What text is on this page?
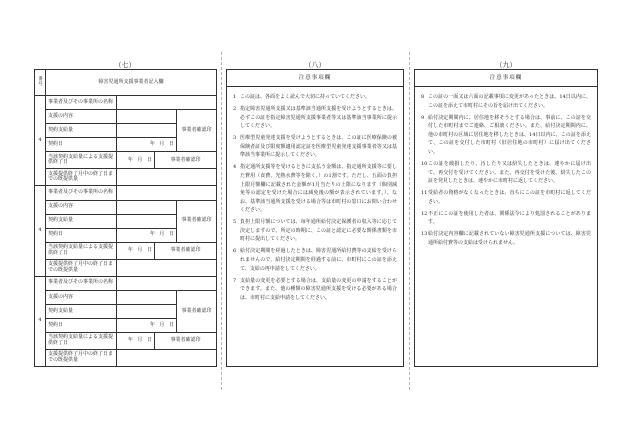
（七）	（八）	（九）
番号	障害児通所支援事業者記入欄			
4	事業者及びその事業所の名称			

	支援の内容			事業者確認印
	契約支給量			
	契約日	年 月 日		
	当該契約支給量による支援提供終了日	年 月 日	事業者確認印	
	支援提供終了月中の終了日までの既提供量			
4	事業者及びその事業所の名称			

	支援の内容			事業者確認印
	契約支給量			
	契約日	年 月 日		
	当該契約支給量による支援提供終了日	年 月 日	事業者確認印	
	支援提供終了月中の終了日までの既提供量			
4	事業者及びその事業所の名称			

	支援の内容			事業者確認印
	契約支給量			
	契約日	年 月 日		
	当該契約支給量による支援提供終了日	年 月 日	事業者確認印	
	支援提供終了月中の終了日までの既提供量			
注意事項欄
1 この証は、各面をよく読んで大切に持っていてください。
2 指定障害児通所支援又は基準該当通所支援を受けようとするときは、必ずこの証を指定障害児通所支援事業者等又は基準該当事業所に提示してください。
3 医療型児童発達支援を受けようとするときは、この証に医療保険の被保険者証及び限度額適用認定証を医療型児童発達支援事業者等又は基準該当事業所に提示してください。
4 指定通所支援等を受けるときに支払う金額は、指定通所支援等に要した費用（食費、光熱水費等を除く。）の1割です。ただし、五面の負担上限月額欄に記載された金額が1月当たりの上限になります（個別減免等の認定を受けた場合には減免後の額が表示されています。）。なお、基準該当通所支援を受ける場合等は市町村の窓口にお問い合わせください。
5 負担上限月額については、毎年通所給付決定保護者の収入等に応じて決定しますので、所定の時期に、この証と認定に必要な関係書類を市町村に提出してください。
6 給付決定期間を経過したときは、障害児通所給付費等の支給を受けられませんので、給付決定期間を経過する前に、市町村にこの証を添えて、支給の再申請をしてください。
7 支給量の変更を必要とする場合は、支給量の変更の申請をすることができます。また、他の種類の障害児通所支援を受ける必要がある場合は、市町村に支給申請をしてください。
注意事項欄
8 この証の一面又は六面の記載事項に変更があったときは、14日以内に、この証を添えて市町村にその旨を届け出てください。
9 給付決定期間内に、居住地を移そうとする場合は、事前に、この証を交付した市町村までご連絡、ご相談ください。また、給付決定期間内に、他の市町村の区域に居住地を移したときは、14日以内に、この証を添えて、この証を交付した市町村（旧居住地の市町村）に届け出てください。
10 この証を破損したり、汚したり又は紛失したときは、速やかに届け出て、再交付を受けてください。また、再交付を受けた後、紛失したこの証を発見したときは、速やかに市町村に返してください。
11 受給者の資格がなくなったときは、直ちにこの証を市町村に返してください。
12 不正にこの証を使用した者は、関係法令により処罰されることがあります。
13 給付決定内容欄に記載されていない障害児通所支援については、障害児通所給付費等の支給は受けられません。
